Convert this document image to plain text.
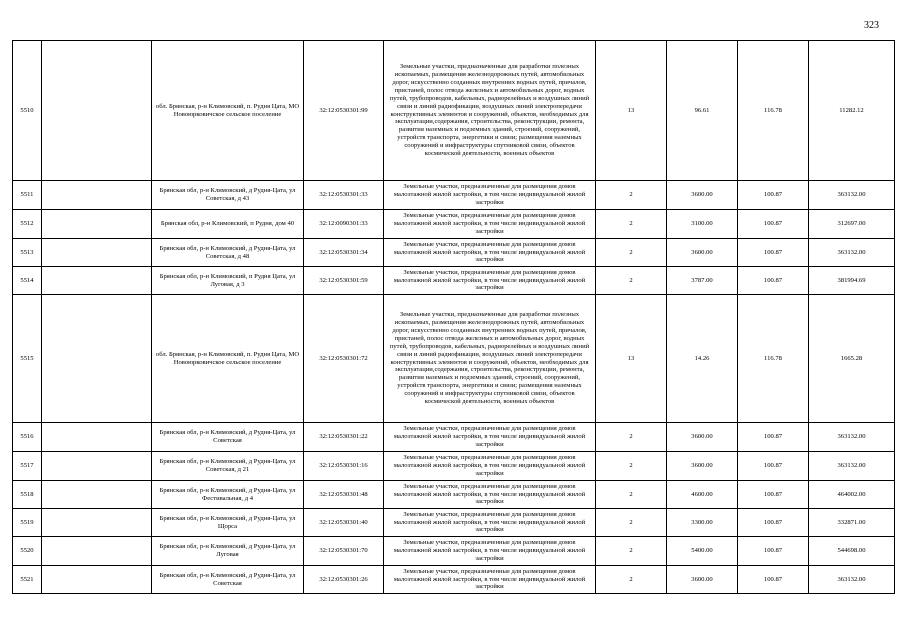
323
5510		обл. Брянская, р-н Климовский, п. Рудня Цата, МО Новоюрковичское сельское поселение	32:12:0530301:99	Земельные участки, предназначенные для разработки полезных ископаемых, размещения железнодорожных путей, автомобильных дорог, искусственно созданных внутренних водных путей, причалов, пристаней, полос отвода железных и автомобильных дорог, водных путей, трубопроводов, кабельных, радиорелейных и воздушных линий связи и линий радиофикации, воздушных линий электропередачи конструктивных элементов и сооружений, объектов, необходимых для эксплуатации,содержания, строительства, реконструкции, ремонта, развития наземных и подземных зданий, строений, сооружений, устройств транспорта, энергетики и связи; размещения наземных сооружений и инфраструктуры спутниковой связи, объектов космической деятельности, военных объектов	13	96.61	116.78	11282.12
5511		Брянская обл, р-н Климовский, д Рудня-Цата, ул Советская, д 43	32:12:0530301:33	Земельные участки, предназначенные для размещения домов малоэтажной жилой застройки, в том числе индивидуальной жилой застройки	2	3600.00	100.87	363132.00
5512		Брянская обл, р-н Климовский, п Рудня, дом 40	32:12:0090301:33	Земельные участки, предназначенные для размещения домов малоэтажной жилой застройки, в том числе индивидуальной жилой застройки	2	3100.00	100.87	312697.00
5513		Брянская обл, р-н Климовский, д Рудня-Цата, ул Советская, д 48	32:12:0530301:34	Земельные участки, предназначенные для размещения домов малоэтажной жилой застройки, в том числе индивидуальной жилой застройки	2	3600.00	100.87	363132.00
5514		Брянская обл, р-н Климовский, п Рудня Цата, ул Луговая, д 3	32:12:0530301:59	Земельные участки, предназначенные для размещения домов малоэтажной жилой застройки, в том числе индивидуальной жилой застройки	2	3787.00	100.87	381994.69
5515		обл. Брянская, р-н Климовский, п. Рудня Цата, МО Новоюрковичское сельское поселение	32:12:0530301:72	Земельные участки, предназначенные для разработки полезных ископаемых, размещения железнодорожных путей, автомобильных дорог, искусственно созданных внутренних водных путей, причалов, пристаней, полос отвода железных и автомобильных дорог, водных путей, трубопроводов, кабельных, радиорелейных и воздушных линий связи и линий радиофикации, воздушных линий электропередачи конструктивных элементов и сооружений, объектов, необходимых для эксплуатации,содержания, строительства, реконструкции, ремонта, развития наземных и подземных зданий, строений, сооружений, устройств транспорта, энергетики и связи; размещения наземных сооружений и инфраструктуры спутниковой связи, объектов космической деятельности, военных объектов	13	14.26	116.78	1665.28
5516		Брянская обл, р-н Климовский, д Рудня-Цата, ул Советская	32:12:0530301:22	Земельные участки, предназначенные для размещения домов малоэтажной жилой застройки, в том числе индивидуальной жилой застройки	2	3600.00	100.87	363132.00
5517		Брянская обл, р-н Климовский, д Рудня-Цата, ул Советская, д 21	32:12:0530301:16	Земельные участки, предназначенные для размещения домов малоэтажной жилой застройки, в том числе индивидуальной жилой застройки	2	3600.00	100.87	363132.00
5518		Брянская обл, р-н Климовский, д Рудня-Цата, ул Фестивальная, д 4	32:12:0530301:48	Земельные участки, предназначенные для размещения домов малоэтажной жилой застройки, в том числе индивидуальной жилой застройки	2	4600.00	100.87	464002.00
5519		Брянская обл, р-н Климовский, д Рудня-Цата, ул Щорса	32:12:0530301:40	Земельные участки, предназначенные для размещения домов малоэтажной жилой застройки, в том числе индивидуальной жилой застройки	2	3300.00	100.87	332871.00
5520		Брянская обл, р-н Климовский, д Рудня-Цата, ул Луговая	32:12:0530301:70	Земельные участки, предназначенные для размещения домов малоэтажной жилой застройки, в том числе индивидуальной жилой застройки	2	5400.00	100.87	544698.00
5521		Брянская обл, р-н Климовский, д Рудня-Цата, ул Советская	32:12:0530301:26	Земельные участки, предназначенные для размещения домов малоэтажной жилой застройки, в том числе индивидуальной жилой застройки	2	3600.00	100.87	363132.00
